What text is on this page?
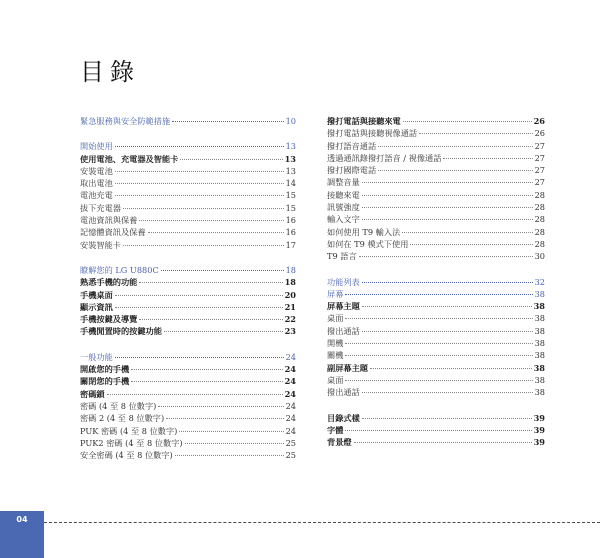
目錄
緊急服務與安全防範措施	10
開始使用	13
使用電池、充電器及智能卡	13
安裝電池	13
取出電池	14
電池充電	15
拔下充電器	15
電池資訊與保養	16
記憶體資訊及保養	16
安裝智能卡	17
瞭解您的 LG U880C	18
熟悉手機的功能	18
手機桌面	20
顯示資訊	21
手機按鍵及導覽	22
手機閒置時的按鍵功能	23
一般功能	24
開啟您的手機	24
關閉您的手機	24
密碼鎖	24
密碼 (4 至 8 位數字)	24
密碼 2 (4 至 8 位數字)	24
PUK 密碼 (4 至 8 位數字)	24
PUK2 密碼 (4 至 8 位數字)	25
安全密碼 (4 至 8 位數字)	25
撥打電話與接聽來電	26
撥打電話與接聽視像通話	26
撥打語音通話	27
透過通訊錄撥打語音 / 視像通話	27
撥打國際電話	27
調整音量	27
接聽來電	28
訊號強度	28
輸入文字	28
如何使用 T9 輸入法	28
如何在 T9 模式下使用	28
T9 語言	30
功能列表	32
屏幕	38
屏幕主題	38
桌面	38
撥出通話	38
開機	38
關機	38
副屏幕主題	38
桌面	38
撥出通話	38
目錄式樣	39
字體	39
背景燈	39
04
